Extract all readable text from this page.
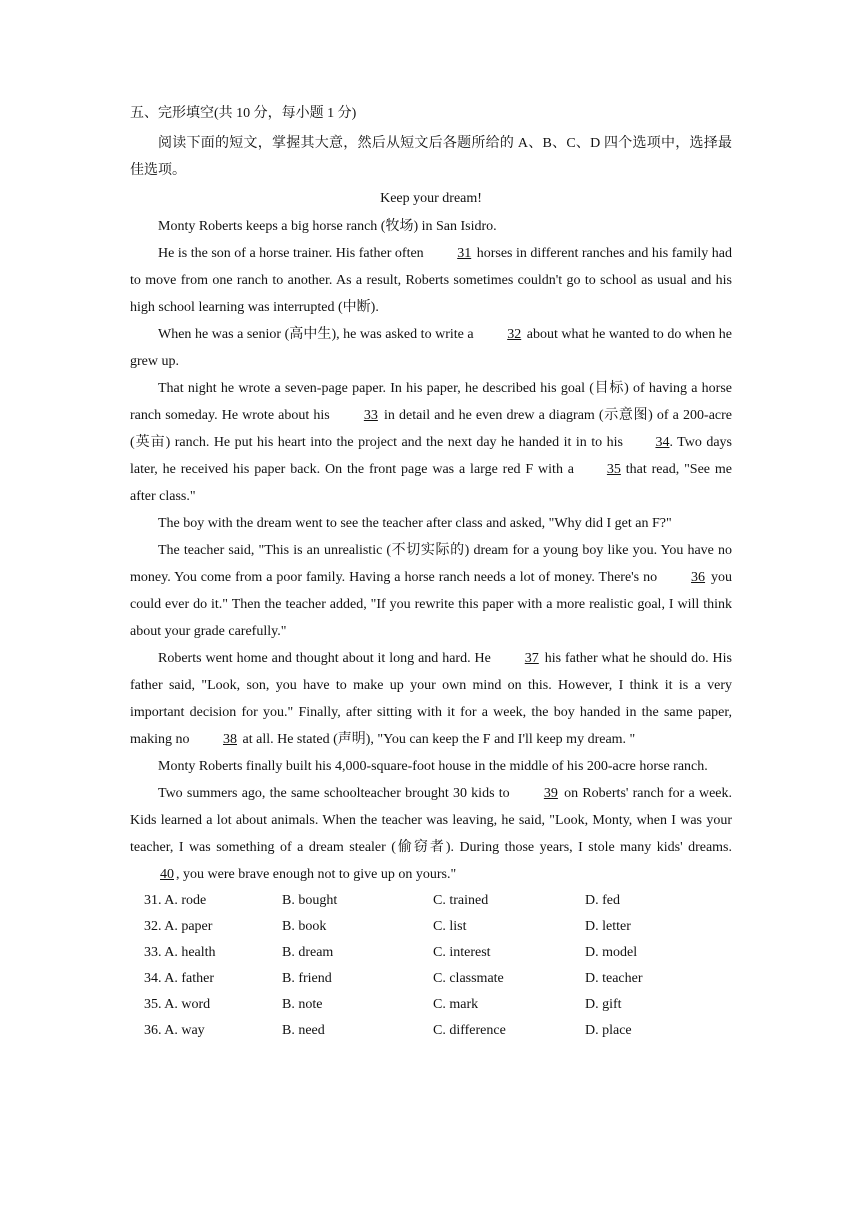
五、完形填空(共 10 分，每小题 1 分)

阅读下面的短文，掌握其大意，然后从短文后各题所给的 A、B、C、D 四个选项中，选择最佳选项。

Keep your dream!

Monty Roberts keeps a big horse ranch (牧场) in San Isidro.

He is the son of a horse trainer. His father often 31 horses in different ranches and his family had to move from one ranch to another. As a result, Roberts sometimes couldn't go to school as usual and his high school learning was interrupted (中断).

When he was a senior (高中生), he was asked to write a 32 about what he wanted to do when he grew up.

That night he wrote a seven-page paper. In his paper, he described his goal (目标) of having a horse ranch someday. He wrote about his 33 in detail and he even drew a diagram (示意图) of a 200-acre (英亩) ranch. He put his heart into the project and the next day he handed it in to his 34. Two days later, he received his paper back. On the front page was a large red F with a 35 that read, "See me after class."

The boy with the dream went to see the teacher after class and asked, "Why did I get an F?"

The teacher said, "This is an unrealistic (不切实际的) dream for a young boy like you. You have no money. You come from a poor family. Having a horse ranch needs a lot of money. There's no 36 you could ever do it." Then the teacher added, "If you rewrite this paper with a more realistic goal, I will think about your grade carefully."

Roberts went home and thought about it long and hard. He 37 his father what he should do. His father said, "Look, son, you have to make up your own mind on this. However, I think it is a very important decision for you." Finally, after sitting with it for a week, the boy handed in the same paper, making no 38 at all. He stated (声明), "You can keep the F and I'll keep my dream. "

Monty Roberts finally built his 4,000-square-foot house in the middle of his 200-acre horse ranch.

Two summers ago, the same schoolteacher brought 30 kids to 39 on Roberts' ranch for a week. Kids learned a lot about animals. When the teacher was leaving, he said, "Look, Monty, when I was your teacher, I was something of a dream stealer (偷窃者). During those years, I stole many kids' dreams. 40 , you were brave enough not to give up on yours."

31. A. rode	B. bought	C. trained	D. fed
32. A. paper	B. book	C. list	D. letter
33. A. health	B. dream	C. interest	D. model
34. A. father	B. friend	C. classmate	D. teacher
35. A. word	B. note	C. mark	D. gift
36. A. way	B. need	C. difference	D. place
